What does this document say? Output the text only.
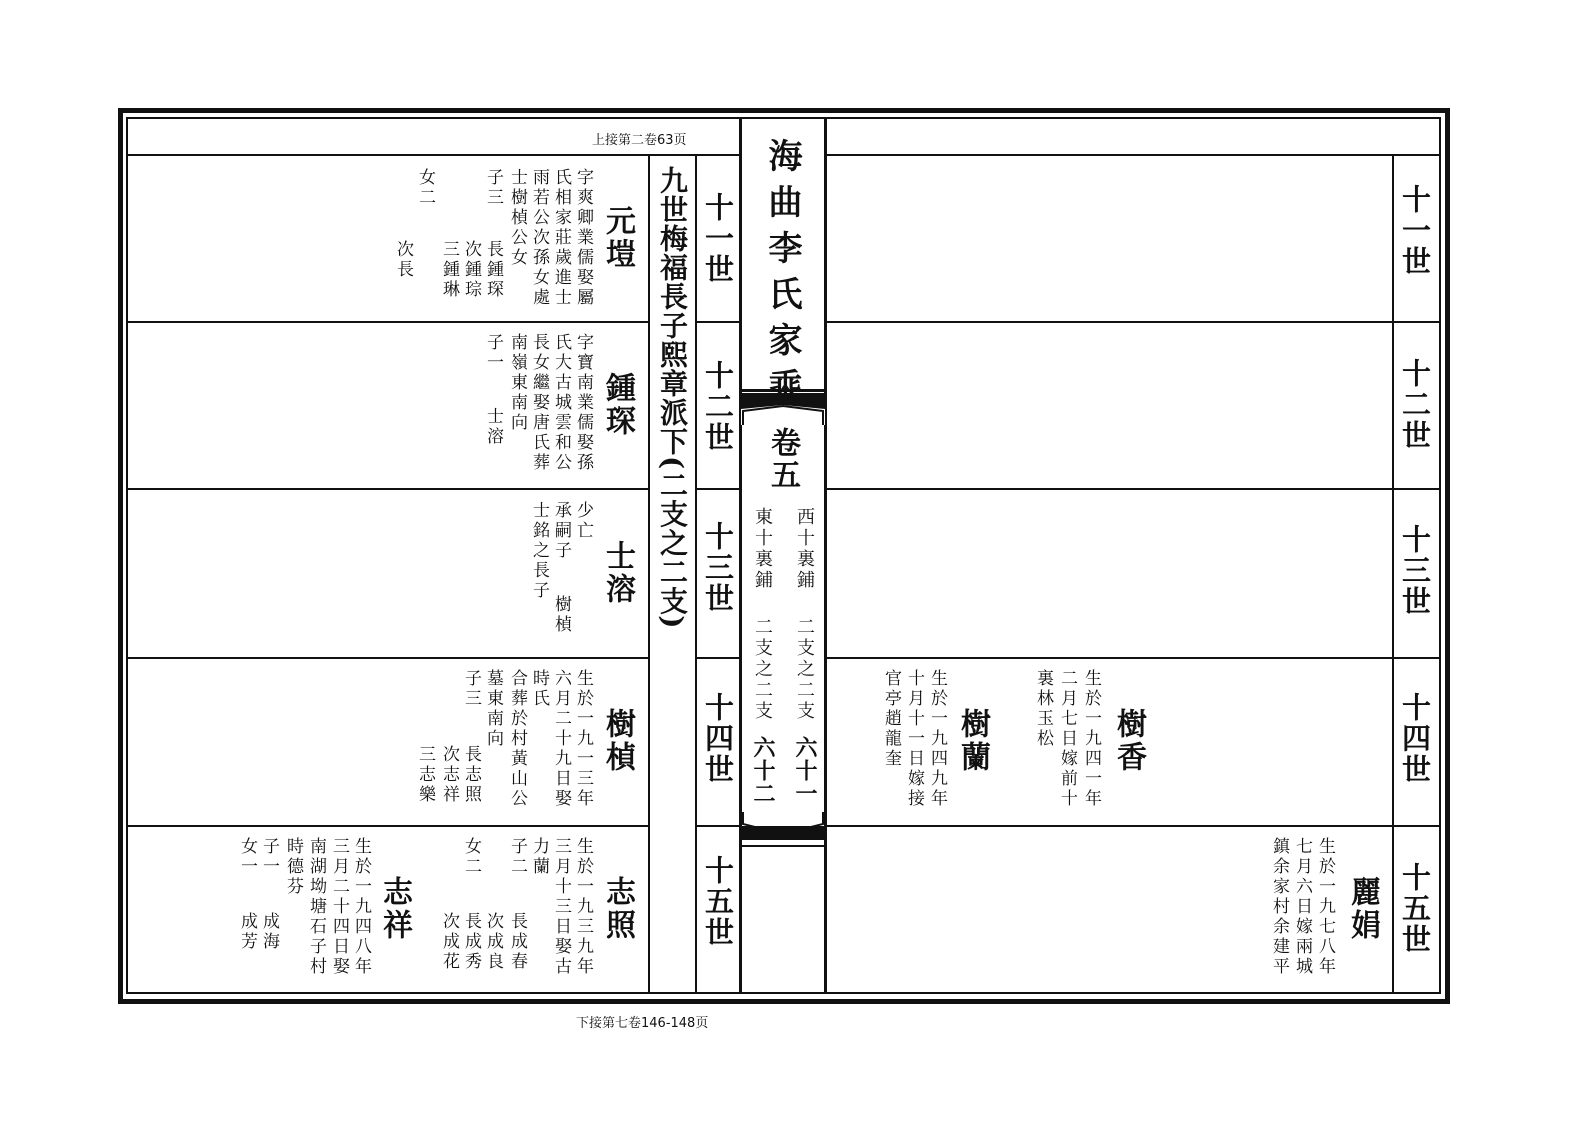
上接第二卷63页 海曲李氏家乘
卷五
西十裏鋪
二支之二支
六十一
東十裏鋪
二支之二支
六十二
九世梅福長子熙章派下(二支之二支) 十一世
十二世
十三世
十四世
十五世
十一世
十二世
十三世
十四世
十五世
元塏
字爽卿業儒娶屬
氏相家莊歲進士
雨若公次孫女處
士樹楨公女
子三
長鍾琛
次鍾琮
三鍾琳
女二
次長
鍾琛
字寶南業儒娶孫
氏大古城雲和公
長女繼娶唐氏葬
南嶺東南向
子一
士溶
士溶
少亡
承嗣子
士銘之長子
樹楨
樹楨
生於一九一三年
六月二十九日娶
時氏
合葬於村黃山公
墓東南向
子三
長志照
次志祥
三志樂
志照
生於一九三九年
三月十三日娶古
力蘭
子二
長成春
次成良
長成秀
次成花
女二
志祥
生於一九四八年
三月二十四日娶
南湖坳塘石子村
時德芬
子一
成海
女一
成芳
樹香
生於一九四一年
二月七日嫁前十
裏林玉松
樹蘭
生於一九四九年
十月十一日嫁接
官亭趙龍奎
麗娟
生於一九七八年
七月六日嫁兩城
鎮余家村余建平
下接第七卷146-148页
